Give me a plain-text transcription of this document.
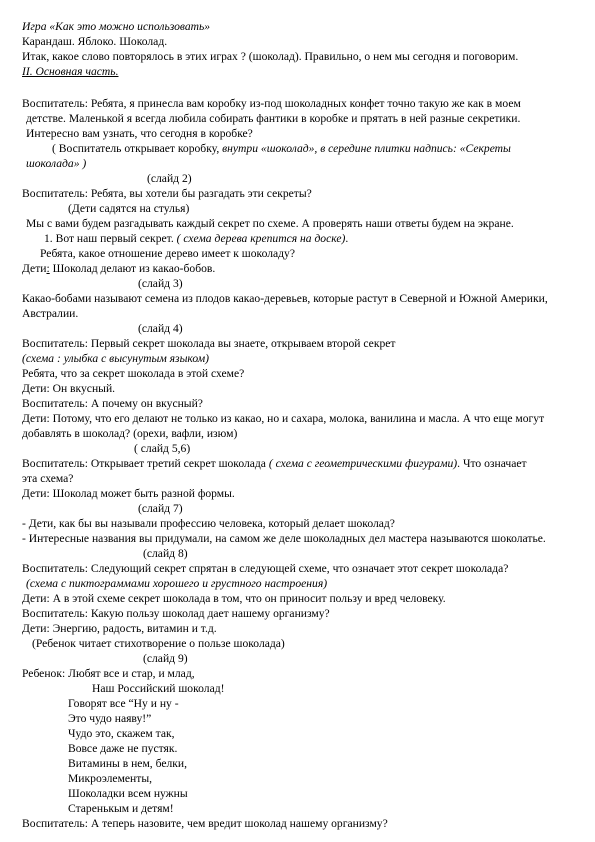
Игра «Как это можно использовать»
Карандаш. Яблоко. Шоколад.
Итак, какое слово повторялось в этих играх ? (шоколад). Правильно, о нем мы сегодня и поговорим.
II. Основная часть.
Воспитатель: Ребята, я принесла вам коробку из-под шоколадных конфет точно такую же как в моем
детстве. Маленькой я всегда любила собирать фантики в коробке и прятать в ней разные секретики.
Интересно вам узнать, что сегодня в коробке?
( Воспитатель открывает коробку, внутри «шоколад», в середине плитки надпись: «Секреты
шоколада» )
(слайд 2)
Воспитатель: Ребята, вы хотели бы разгадать эти секреты?
(Дети садятся на стулья)
Мы с вами будем разгадывать каждый секрет по схеме. А проверять наши ответы будем на экране.
1. Вот наш первый секрет. ( схема дерева крепится на доске).
Ребята, какое отношение дерево имеет к шоколаду?
Дети: Шоколад делают из какао-бобов.
(слайд 3)
Какао-бобами называют семена из плодов какао-деревьев, которые растут в Северной и Южной Америки,
Австралии.
(слайд 4)
Воспитатель: Первый секрет шоколада вы знаете, открываем второй секрет
(схема : улыбка с высунутым языком)
Ребята, что за секрет шоколада в этой схеме?
Дети: Он вкусный.
Воспитатель: А почему он вкусный?
Дети: Потому, что его делают не только из какао, но и сахара, молока, ванилина и масла. А что еще могут
добавлять в шоколад? (орехи, вафли, изюм)
( слайд 5,6)
Воспитатель: Открывает третий секрет шоколада ( схема с геометрическими фигурами). Что означает
эта схема?
Дети: Шоколад может быть разной формы.
(слайд 7)
- Дети, как бы вы называли профессию человека, который делает шоколад?
- Интересные названия вы придумали, на самом же деле шоколадных дел мастера называются шоколатье.
(слайд 8)
Воспитатель: Следующий секрет спрятан в следующей схеме, что означает этот секрет шоколада?
(схема с пиктограммами хорошего и грустного настроения)
Дети: А в этой схеме секрет шоколада в том, что он приносит пользу и вред человеку.
Воспитатель: Какую пользу шоколад дает нашему организму?
Дети: Энергию, радость, витамин и т.д.
(Ребенок читает стихотворение о пользе шоколада)
(слайд 9)
Ребенок: Любят все и стар, и млад,
Наш Российский шоколад!
Говорят все “Ну и ну -
Это чудо наяву!”
Чудо это, скажем так,
Вовсе даже не пустяк.
Витамины в нем, белки,
Микроэлементы,
Шоколадки всем нужны
Старенькым и детям!
Воспитатель: А теперь назовите, чем вредит шоколад нашему организму?
